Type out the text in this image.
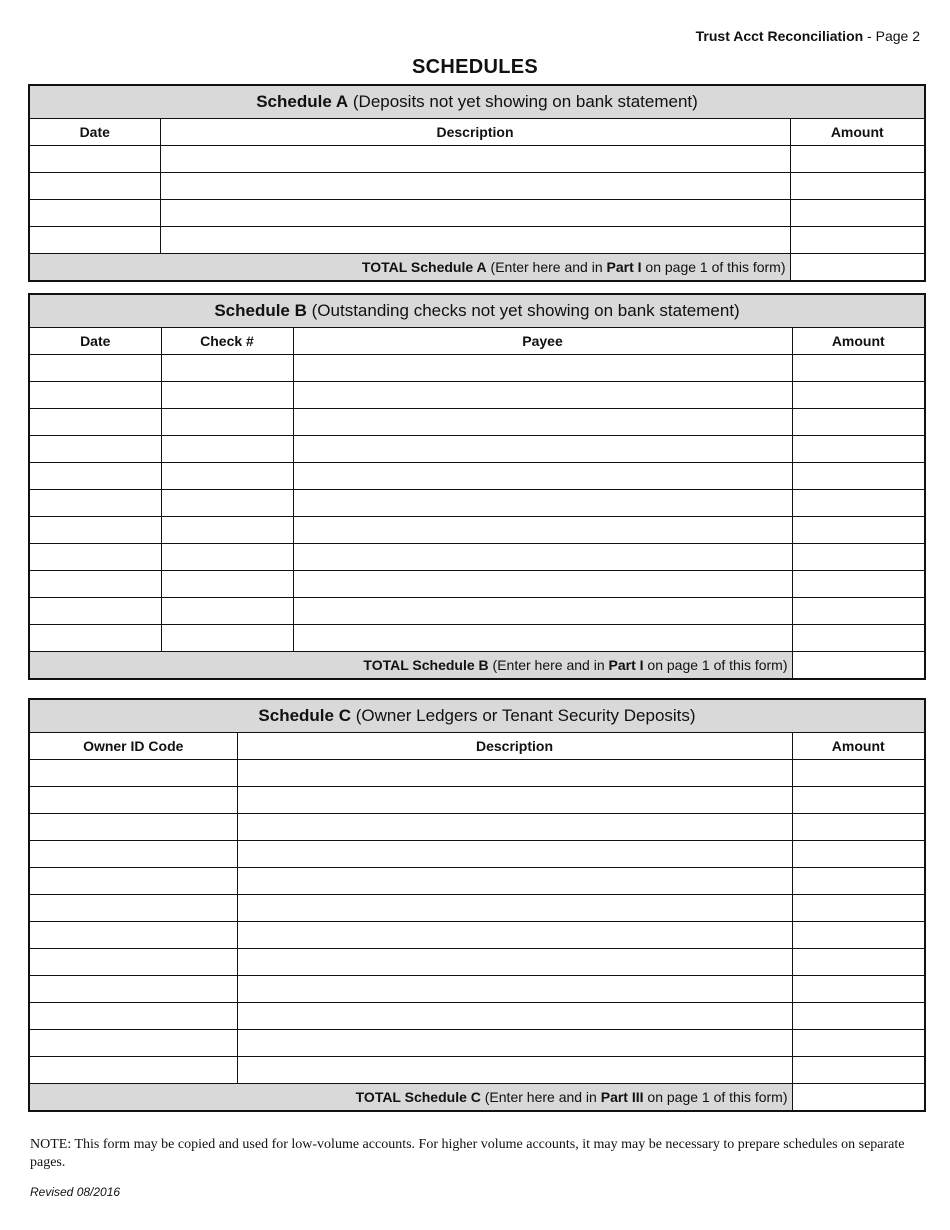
Trust Acct Reconciliation - Page 2
SCHEDULES
Schedule A (Deposits not yet showing on bank statement)		
Date	Description	Amount

TOTAL Schedule A (Enter here and in Part I on page 1 of this form)		
Schedule B (Outstanding checks not yet showing on bank statement)			
Date	Check #	Payee	Amount

TOTAL Schedule B (Enter here and in Part I on page 1 of this form)			
Schedule C (Owner Ledgers or Tenant Security Deposits)		
Owner ID Code	Description	Amount

TOTAL Schedule C (Enter here and in Part III on page 1 of this form)		
NOTE: This form may be copied and used for low-volume accounts. For higher volume accounts, it may may be necessary to prepare schedules on separate pages.
Revised 08/2016
